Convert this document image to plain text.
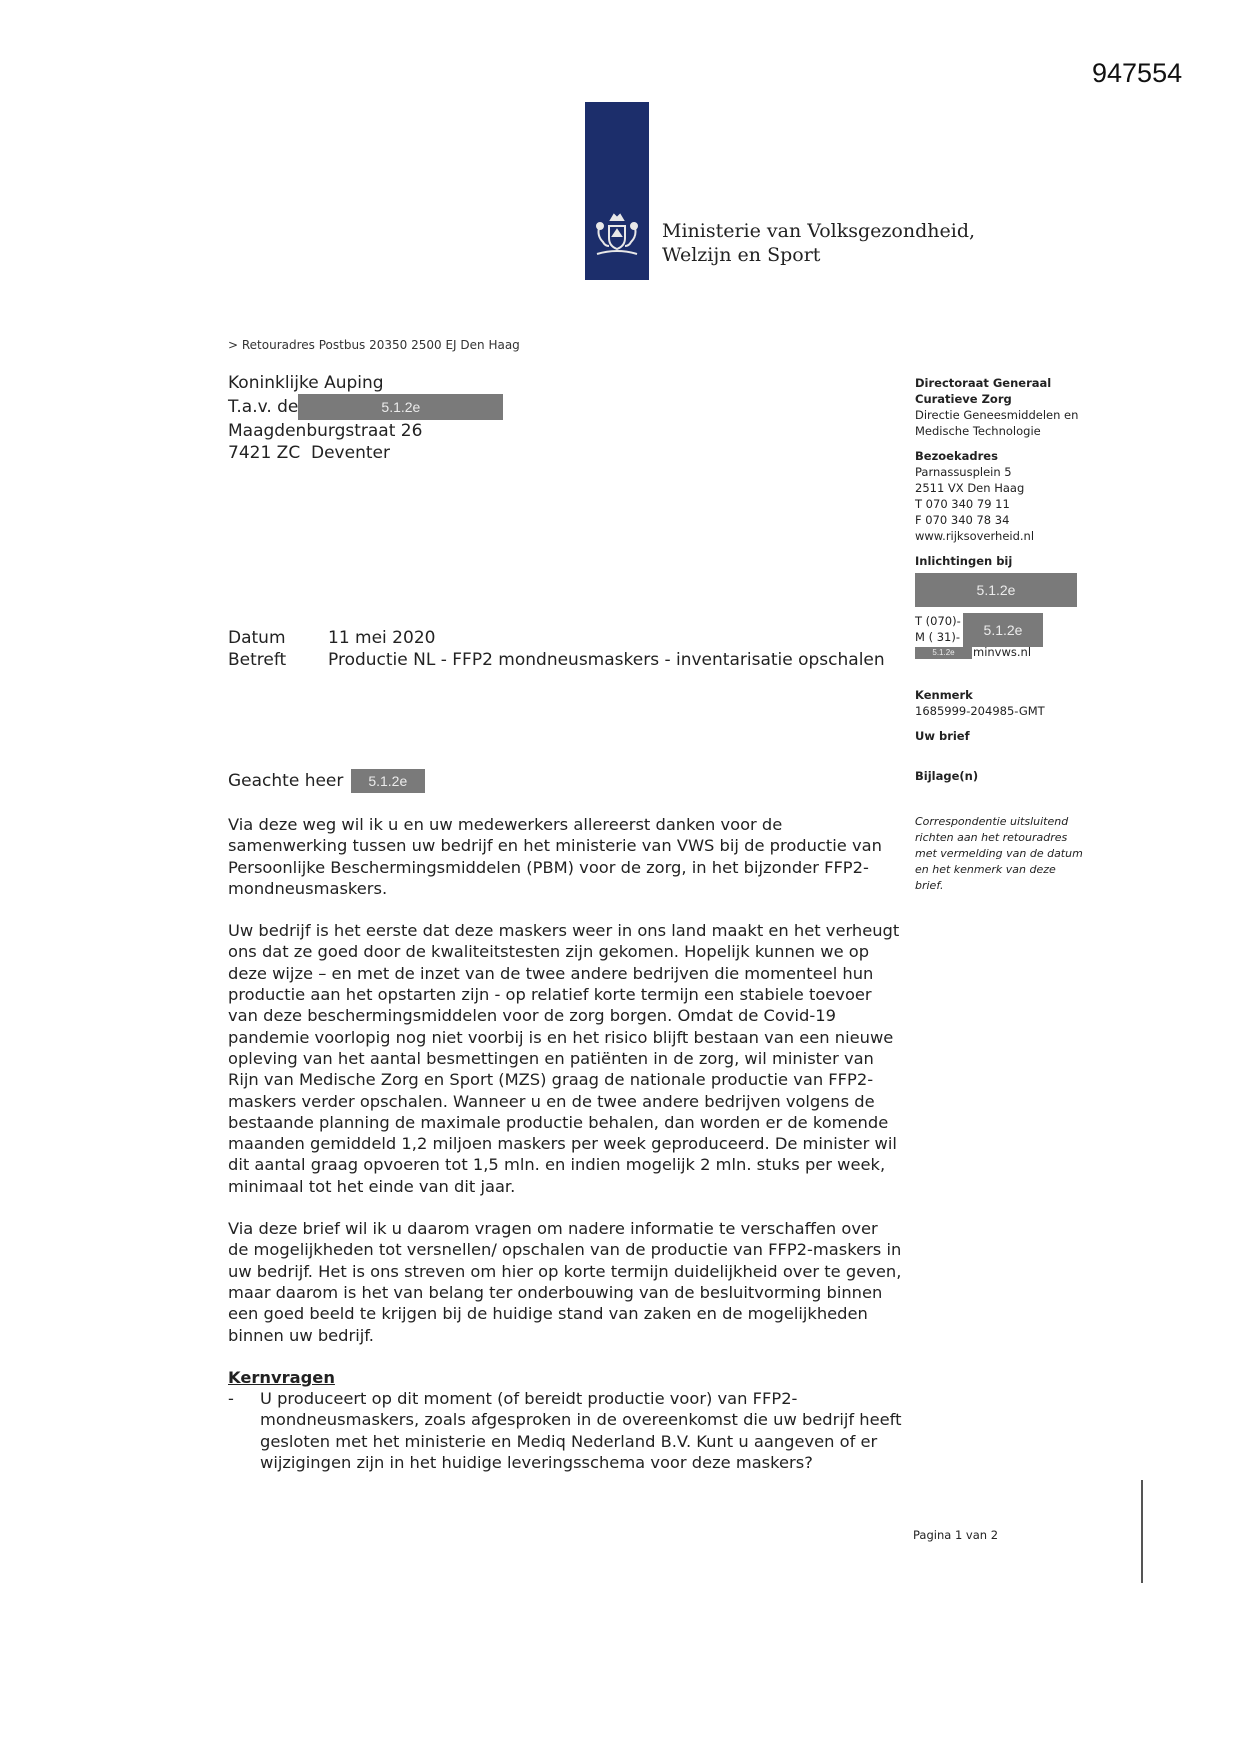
947554
Ministerie van Volksgezondheid,
Welzijn en Sport
> Retouradres Postbus 20350 2500 EJ Den Haag
Koninklijke Auping
T.a.v. de	5.1.2e
Maagdenburgstraat 26
7421 ZC Deventer
Directoraat Generaal
Curatieve Zorg
Directie Geneesmiddelen en
Medische Technologie
Bezoekadres
Parnassusplein 5
2511 VX Den Haag
T 070 340 79 11
F 070 340 78 34
www.rijksoverheid.nl
Inlichtingen bij
5.1.2e
T (070)-
M ( 31)-	5.1.2e
5.1.2e	minvws.nl
Kenmerk
1685999-204985-GMT
Uw brief
Bijlage(n)
Correspondentie uitsluitend richten aan het retouradres met vermelding van de datum en het kenmerk van deze brief.
Datum	11 mei 2020
Betreft	Productie NL - FFP2 mondneusmaskers - inventarisatie opschalen
Geachte heer 5.1.2e

Via deze weg wil ik u en uw medewerkers allereerst danken voor de samenwerking tussen uw bedrijf en het ministerie van VWS bij de productie van Persoonlijke Beschermingsmiddelen (PBM) voor de zorg, in het bijzonder FFP2-mondneusmaskers.

Uw bedrijf is het eerste dat deze maskers weer in ons land maakt en het verheugt ons dat ze goed door de kwaliteitstesten zijn gekomen. Hopelijk kunnen we op deze wijze – en met de inzet van de twee andere bedrijven die momenteel hun productie aan het opstarten zijn - op relatief korte termijn een stabiele toevoer van deze beschermingsmiddelen voor de zorg borgen. Omdat de Covid-19 pandemie voorlopig nog niet voorbij is en het risico blijft bestaan van een nieuwe opleving van het aantal besmettingen en patiënten in de zorg, wil minister van Rijn van Medische Zorg en Sport (MZS) graag de nationale productie van FFP2-maskers verder opschalen. Wanneer u en de twee andere bedrijven volgens de bestaande planning de maximale productie behalen, dan worden er de komende maanden gemiddeld 1,2 miljoen maskers per week geproduceerd. De minister wil dit aantal graag opvoeren tot 1,5 mln. en indien mogelijk 2 mln. stuks per week, minimaal tot het einde van dit jaar.

Via deze brief wil ik u daarom vragen om nadere informatie te verschaffen over de mogelijkheden tot versnellen/ opschalen van de productie van FFP2-maskers in uw bedrijf. Het is ons streven om hier op korte termijn duidelijkheid over te geven, maar daarom is het van belang ter onderbouwing van de besluitvorming binnen een goed beeld te krijgen bij de huidige stand van zaken en de mogelijkheden binnen uw bedrijf.

Kernvragen

-	U produceert op dit moment (of bereidt productie voor) van FFP2-mondneusmaskers, zoals afgesproken in de overeenkomst die uw bedrijf heeft gesloten met het ministerie en Mediq Nederland B.V. Kunt u aangeven of er wijzigingen zijn in het huidige leveringsschema voor deze maskers?
Pagina 1 van 2
